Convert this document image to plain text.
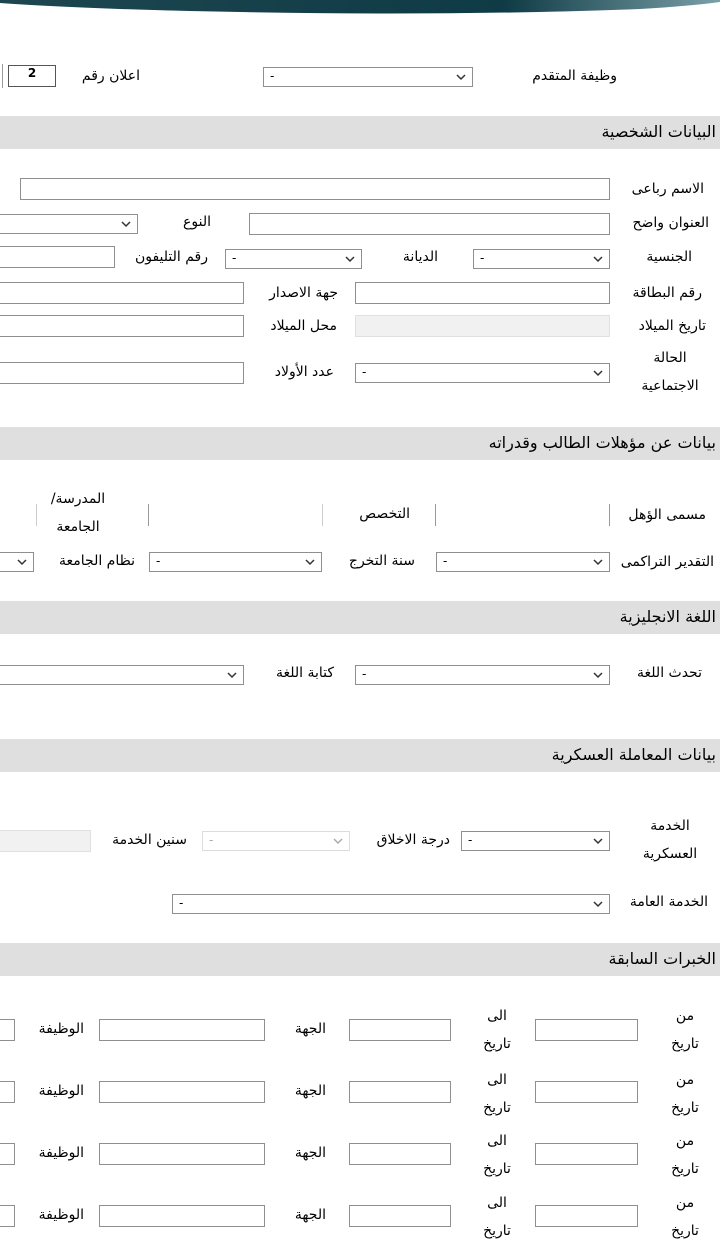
وظيفة المتقدم
-
اعلان رقم
2
البيانات الشخصية
الاسم رباعى
العنوان واضح
النوع
الجنسية
-
الديانة
-
رقم التليفون
رقم البطاقة
جهة الاصدار
تاريخ الميلاد
محل الميلاد
الحالة
الاجتماعية
-
عدد الأولاد
بيانات عن مؤهلات الطالب وقدراته
مسمى الؤهل
التخصص
المدرسة/
الجامعة
التقدير التراكمى
-
سنة التخرج
-
نظام الجامعة
اللغة الانجليزية
تحدث اللغة
-
كتابة اللغة
بيانات المعاملة العسكرية
الخدمة
العسكرية
-
درجة الاخلاق
-
سنين الخدمة
الخدمة العامة
-
الخبرات السابقة
من
تاريخ
الى
تاريخ
الجهة
الوظيفة
من
تاريخ
الى
تاريخ
الجهة
الوظيفة
من
تاريخ
الى
تاريخ
الجهة
الوظيفة
من
تاريخ
الى
تاريخ
الجهة
الوظيفة
